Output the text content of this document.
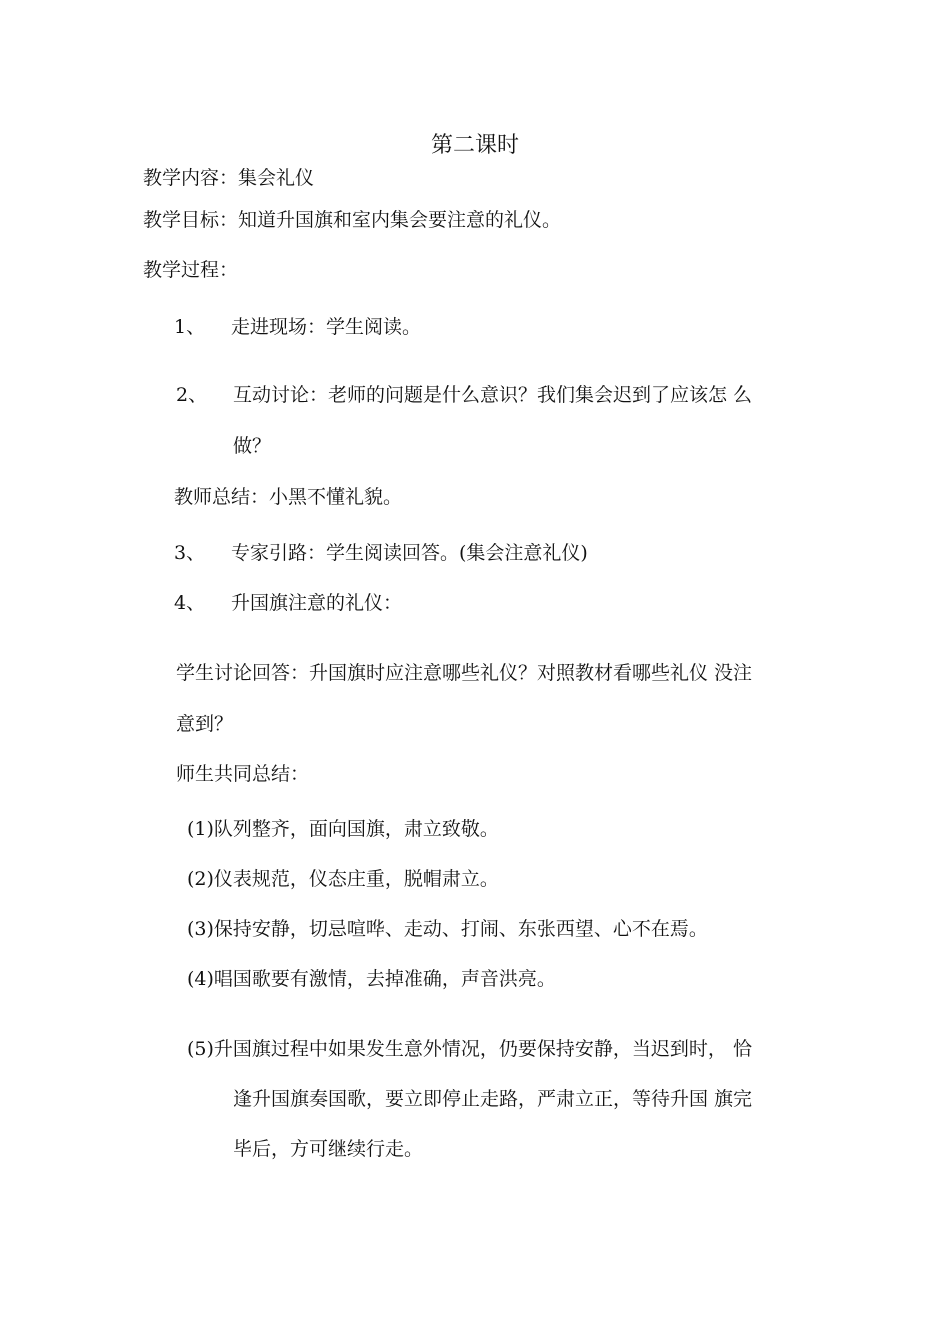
第二课时
教学内容：集会礼仪
教学目标：知道升国旗和室内集会要注意的礼仪。
教学过程：
1、 走进现场：学生阅读。
2、 互动讨论：老师的问题是什么意识？我们集会迟到了应该怎 么
做？
教师总结：小黑不懂礼貌。
3、 专家引路：学生阅读回答。(集会注意礼仪)
4、 升国旗注意的礼仪：
学生讨论回答：升国旗时应注意哪些礼仪？对照教材看哪些礼仪 没注
意到？
师生共同总结：
(1)队列整齐，面向国旗，肃立致敬。
(2)仪表规范，仪态庄重，脱帽肃立。
(3)保持安静，切忌喧哗、走动、打闹、东张西望、心不在焉。
(4)唱国歌要有激情，去掉准确，声音洪亮。
(5)升国旗过程中如果发生意外情况，仍要保持安静，当迟到时， 恰
逢升国旗奏国歌，要立即停止走路，严肃立正，等待升国 旗完
毕后，方可继续行走。
